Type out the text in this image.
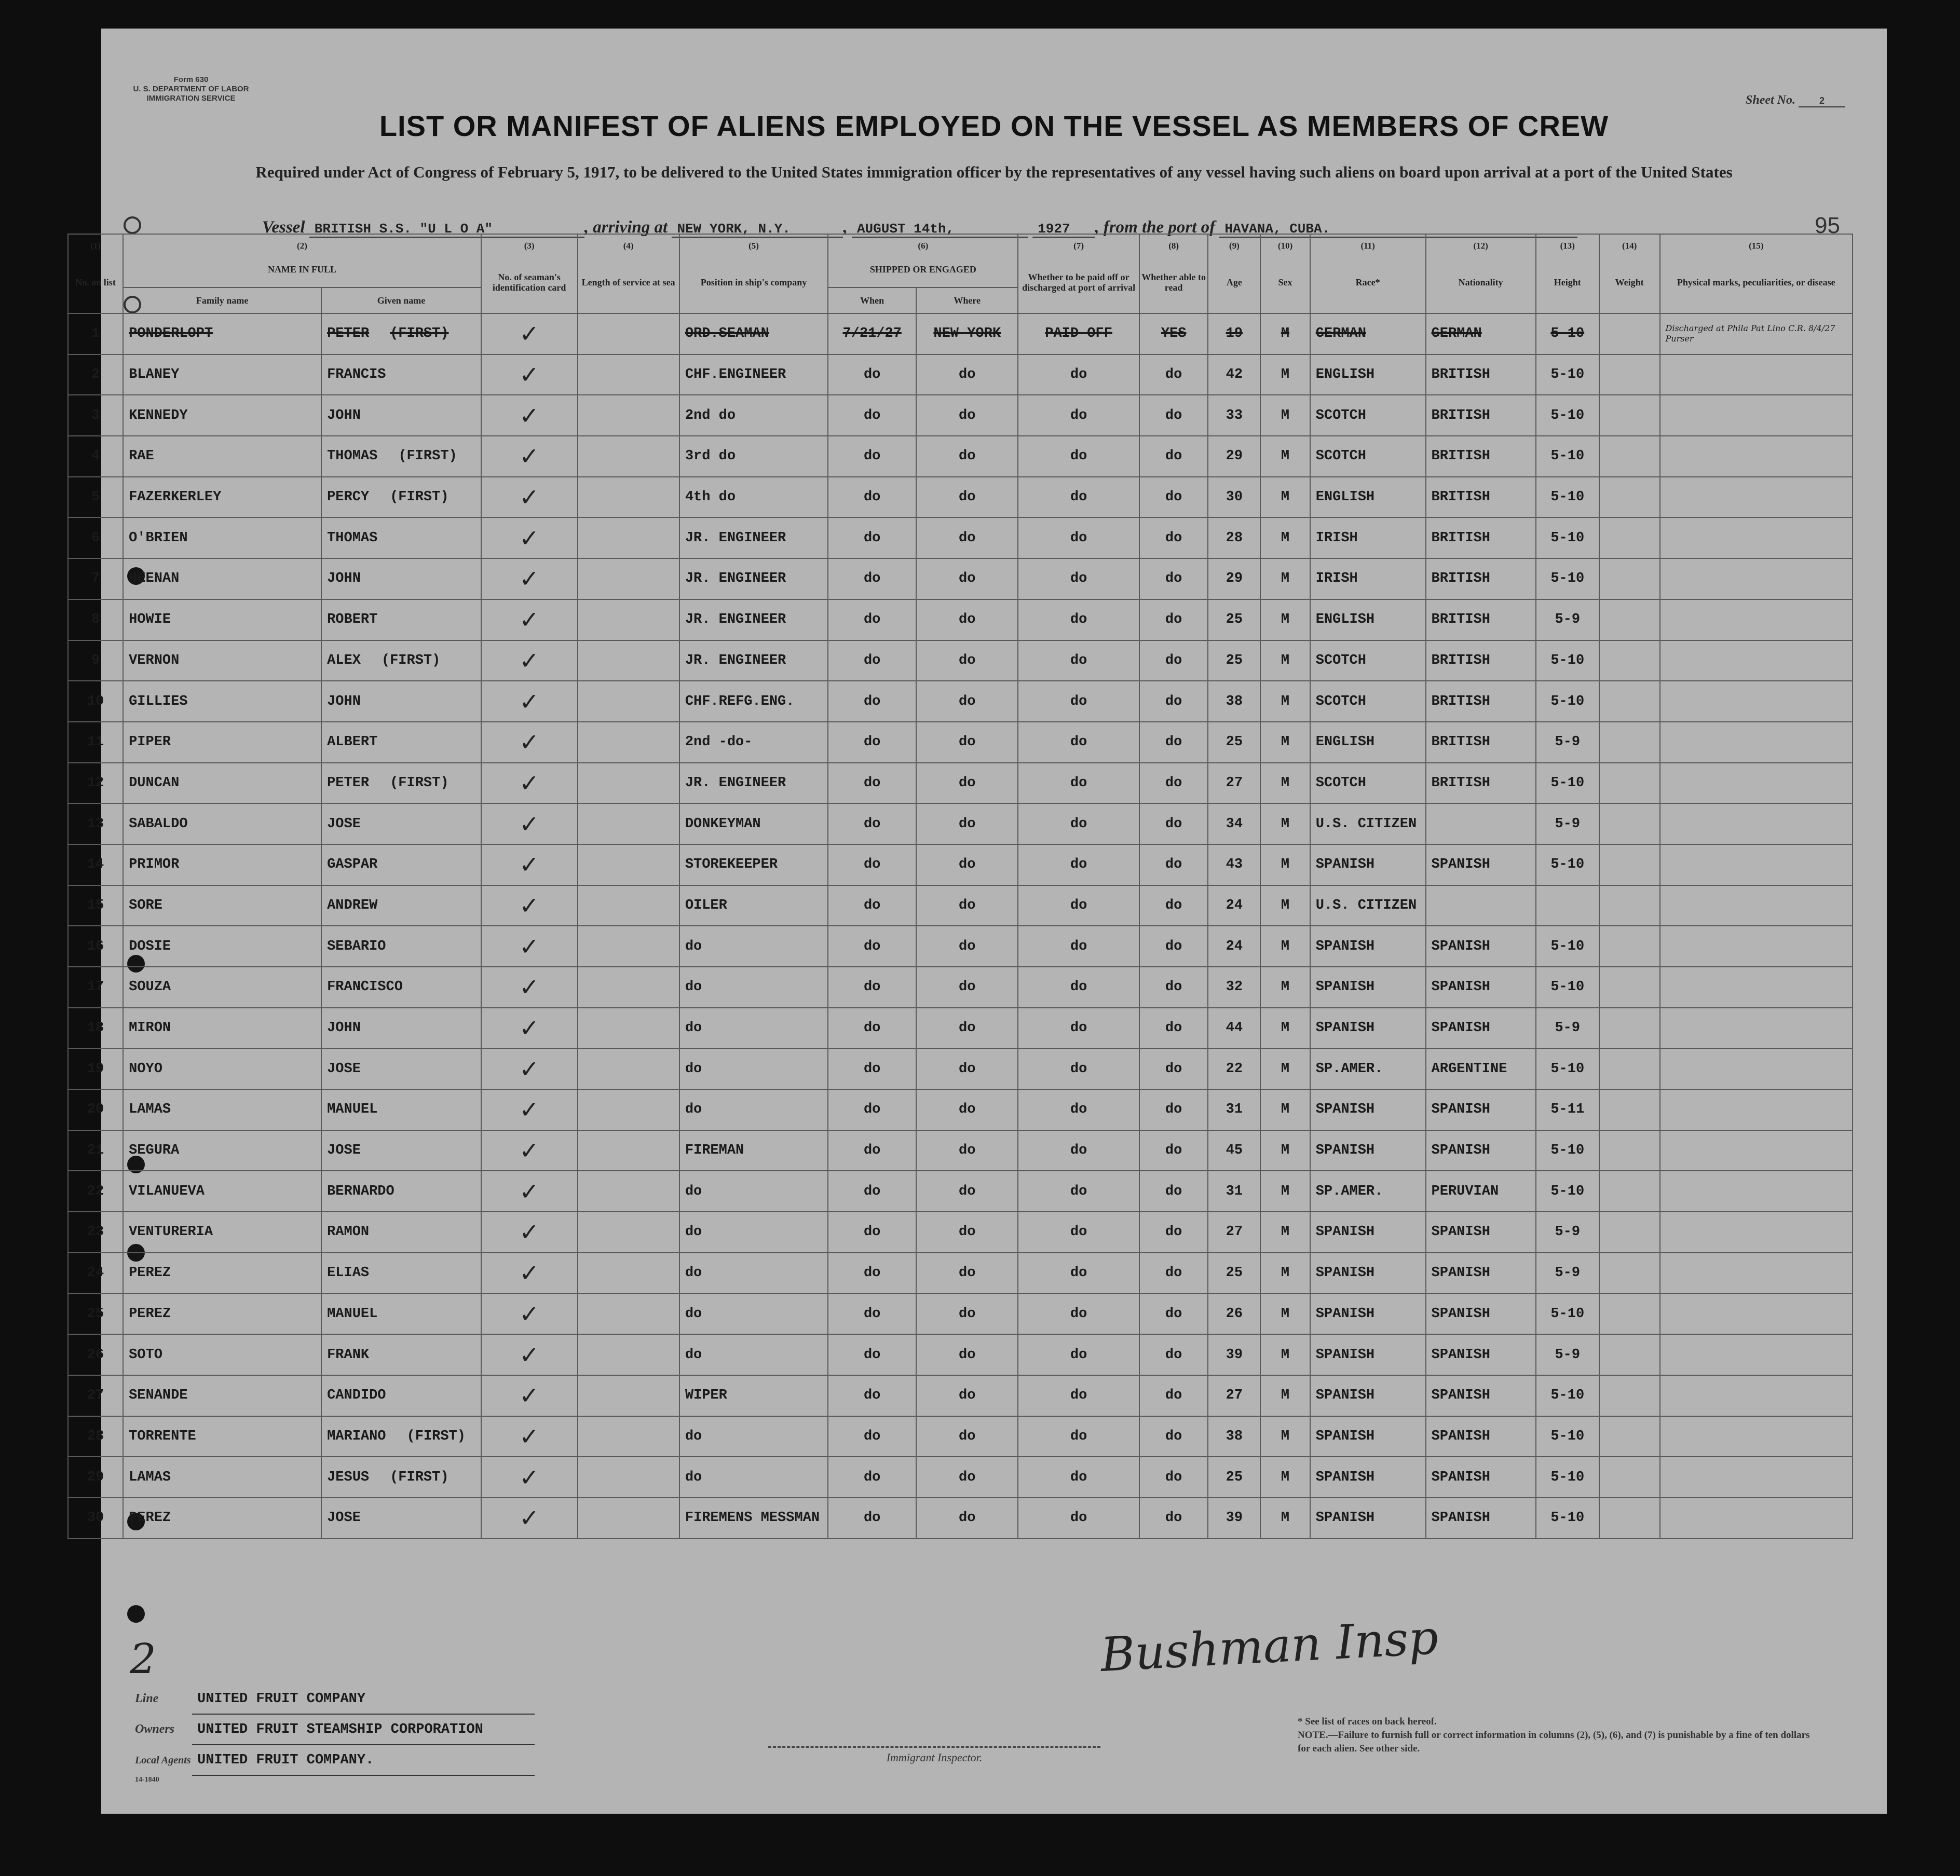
Form 630
U. S. DEPARTMENT OF LABOR
IMMIGRATION SERVICE	Sheet No.	2
LIST OR MANIFEST OF ALIENS EMPLOYED ON THE VESSEL AS MEMBERS OF CREW
Required under Act of Congress of February 5, 1917, to be delivered to the United States immigration officer by the representatives of any vessel having such aliens on board upon arrival at a port of the United States
Vessel BRITISH S.S. "U L O A"	, arriving at NEW YORK, N.Y.	, AUGUST 14th,	1927 , from the port of HAVANA, CUBA.	95
(1)	(2)		(3)	(4)	(5)	(6)		(7)	(8)	(9)	(10)	(11)	(12)	(13)	(14)	(15)
No. on list	NAME IN FULL		No. of seaman's identification card	Length of service at sea	Position in ship's company	SHIPPED OR ENGAGED		Whether to be paid off or discharged at port of arrival	Whether able to read	Age	Sex	Race*	Nationality	Height	Weight	Physical marks, peculiarities, or disease
	Family name	Given name				When	Where									
1	PONDERLOPT	PETER (FIRST)	✓		ORD.SEAMAN	7/21/27	NEW YORK	PAID OFF	YES	19	M	GERMAN	GERMAN	5-10		Discharged at Phila Pat Lino C.R. 8/4/27 Purser

2	BLANEY	FRANCIS	✓		CHF.ENGINEER	do	do	do	do	42	M	ENGLISH	BRITISH	5-10		

3	KENNEDY	JOHN	✓		2nd do	do	do	do	do	33	M	SCOTCH	BRITISH	5-10		

4	RAE	THOMAS (FIRST)	✓		3rd do	do	do	do	do	29	M	SCOTCH	BRITISH	5-10		

5	FAZERKERLEY	PERCY (FIRST)	✓		4th do	do	do	do	do	30	M	ENGLISH	BRITISH	5-10		

6	O'BRIEN	THOMAS	✓		JR. ENGINEER	do	do	do	do	28	M	IRISH	BRITISH	5-10		

7	HEENAN	JOHN	✓		JR. ENGINEER	do	do	do	do	29	M	IRISH	BRITISH	5-10		

8	HOWIE	ROBERT	✓		JR. ENGINEER	do	do	do	do	25	M	ENGLISH	BRITISH	5-9		

9	VERNON	ALEX (FIRST)	✓		JR. ENGINEER	do	do	do	do	25	M	SCOTCH	BRITISH	5-10		

10	GILLIES	JOHN	✓		CHF.REFG.ENG.	do	do	do	do	38	M	SCOTCH	BRITISH	5-10		

11	PIPER	ALBERT	✓		2nd -do-	do	do	do	do	25	M	ENGLISH	BRITISH	5-9		

12	DUNCAN	PETER (FIRST)	✓		JR. ENGINEER	do	do	do	do	27	M	SCOTCH	BRITISH	5-10		

13	SABALDO	JOSE	✓		DONKEYMAN	do	do	do	do	34	M	U.S. CITIZEN		5-9		

14	PRIMOR	GASPAR	✓		STOREKEEPER	do	do	do	do	43	M	SPANISH	SPANISH	5-10		

15	SORE	ANDREW	✓		OILER	do	do	do	do	24	M	U.S. CITIZEN				

16	DOSIE	SEBARIO	✓		do	do	do	do	do	24	M	SPANISH	SPANISH	5-10		

17	SOUZA	FRANCISCO	✓		do	do	do	do	do	32	M	SPANISH	SPANISH	5-10		

18	MIRON	JOHN	✓		do	do	do	do	do	44	M	SPANISH	SPANISH	5-9		

19	NOYO	JOSE	✓		do	do	do	do	do	22	M	SP.AMER.	ARGENTINE	5-10		

20	LAMAS	MANUEL	✓		do	do	do	do	do	31	M	SPANISH	SPANISH	5-11		

21	SEGURA	JOSE	✓		FIREMAN	do	do	do	do	45	M	SPANISH	SPANISH	5-10		

22	VILANUEVA	BERNARDO	✓		do	do	do	do	do	31	M	SP.AMER.	PERUVIAN	5-10		

23	VENTURERIA	RAMON	✓		do	do	do	do	do	27	M	SPANISH	SPANISH	5-9		

24	PEREZ	ELIAS	✓		do	do	do	do	do	25	M	SPANISH	SPANISH	5-9		

25	PEREZ	MANUEL	✓		do	do	do	do	do	26	M	SPANISH	SPANISH	5-10		

26	SOTO	FRANK	✓		do	do	do	do	do	39	M	SPANISH	SPANISH	5-9		

27	SENANDE	CANDIDO	✓		WIPER	do	do	do	do	27	M	SPANISH	SPANISH	5-10		

28	TORRENTE	MARIANO (FIRST)	✓		do	do	do	do	do	38	M	SPANISH	SPANISH	5-10		

29	LAMAS	JESUS (FIRST)	✓		do	do	do	do	do	25	M	SPANISH	SPANISH	5-10		

30	PEREZ	JOSE	✓		FIREMENS MESSMAN	do	do	do	do	39	M	SPANISH	SPANISH	5-10		
Bushman Insp
2
Line	UNITED FRUIT COMPANY
Owners UNITED FRUIT STEAMSHIP CORPORATION
Local Agents UNITED FRUIT COMPANY.
14-1840
Immigrant Inspector.
* See list of races on back hereof.
NOTE.—Failure to furnish full or correct information in columns (2), (5), (6), and (7) is punishable by a fine of ten dollars for each alien. See other side.
